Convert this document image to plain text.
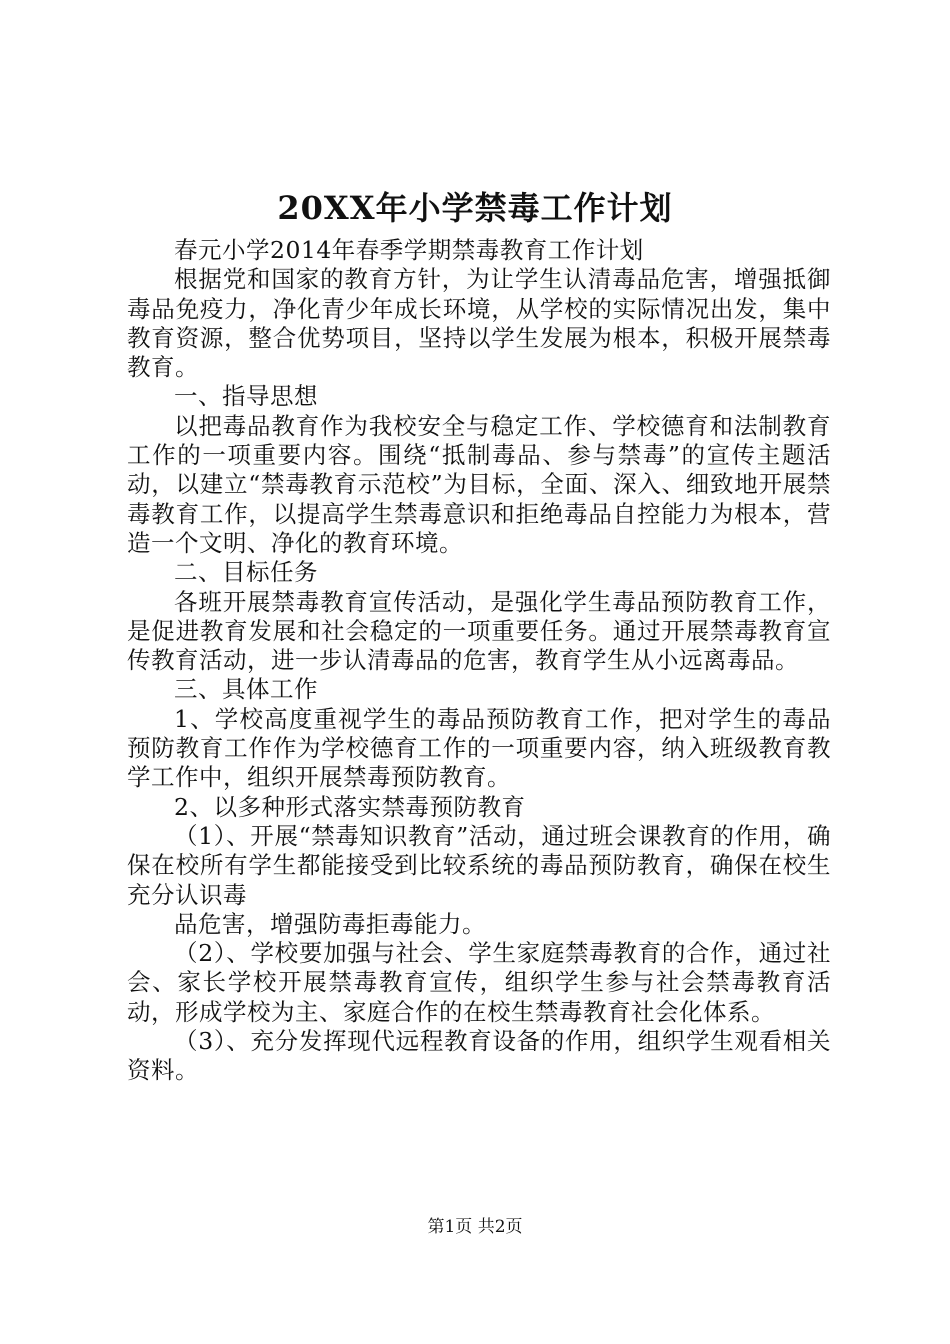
20XX年小学禁毒工作计划

春元小学2014年春季学期禁毒教育工作计划

根据党和国家的教育方针，为让学生认清毒品危害，增强抵御毒品免疫力，净化青少年成长环境，从学校的实际情况出发，集中教育资源，整合优势项目，坚持以学生发展为根本，积极开展禁毒教育。

一、指导思想

以把毒品教育作为我校安全与稳定工作、学校德育和法制教育工作的一项重要内容。围绕“抵制毒品、参与禁毒”的宣传主题活动，以建立“禁毒教育示范校”为目标，全面、深入、细致地开展禁毒教育工作，以提高学生禁毒意识和拒绝毒品自控能力为根本，营造一个文明、净化的教育环境。

二、目标任务

各班开展禁毒教育宣传活动，是强化学生毒品预防教育工作，是促进教育发展和社会稳定的一项重要任务。通过开展禁毒教育宣传教育活动，进一步认清毒品的危害，教育学生从小远离毒品。

三、具体工作

1、学校高度重视学生的毒品预防教育工作，把对学生的毒品预防教育工作作为学校德育工作的一项重要内容，纳入班级教育教学工作中，组织开展禁毒预防教育。

2、以多种形式落实禁毒预防教育

（1）、开展“禁毒知识教育”活动，通过班会课教育的作用，确保在校所有学生都能接受到比较系统的毒品预防教育，确保在校生充分认识毒

品危害，增强防毒拒毒能力。

（2）、学校要加强与社会、学生家庭禁毒教育的合作，通过社会、家长学校开展禁毒教育宣传，组织学生参与社会禁毒教育活动，形成学校为主、家庭合作的在校生禁毒教育社会化体系。

（3）、充分发挥现代远程教育设备的作用，组织学生观看相关资料。

第1页 共2页
